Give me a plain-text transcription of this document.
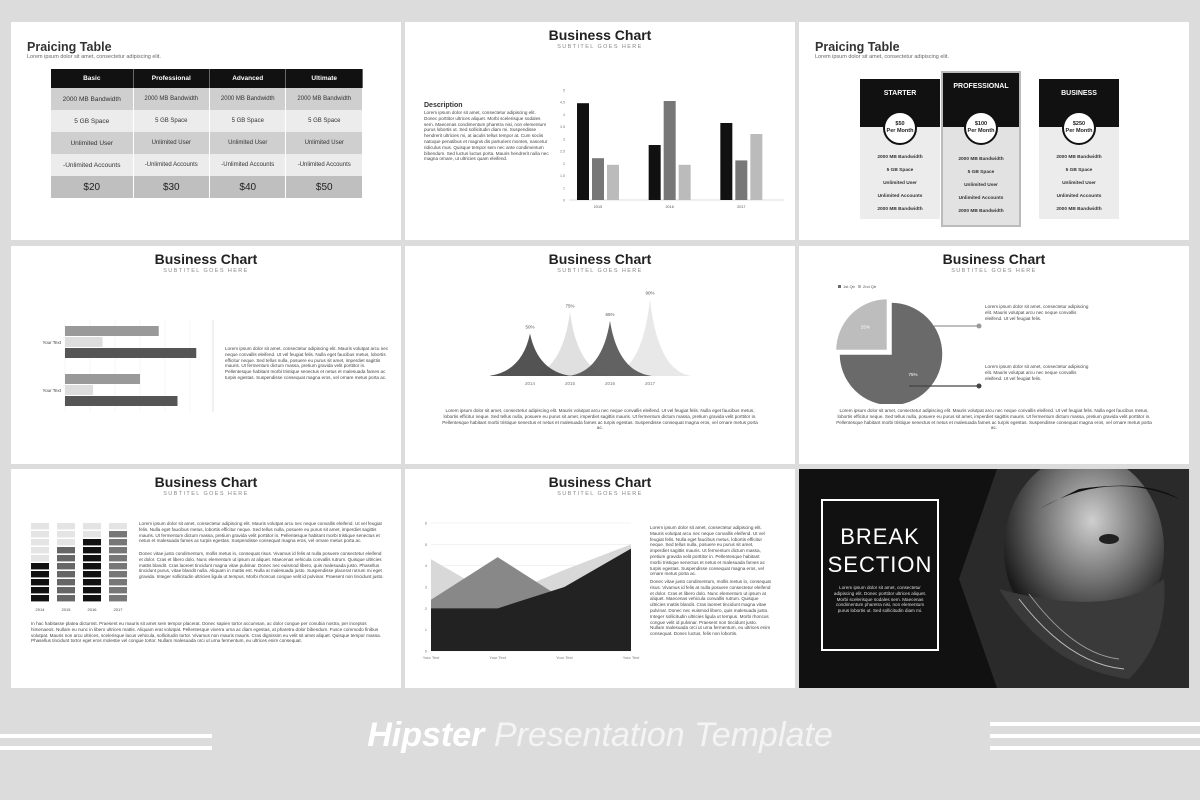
Praicing Table
Lorem ipsum dolor sit amet, consectetur adipiscing elit.
Basic	Professional	Advanced	Ultimate
2000 MB Bandwidth	2000 MB Bandwidth	2000 MB Bandwidth	2000 MB Bandwidth
5 GB Space	5 GB Space	5 GB Space	5 GB Space
Unlimited User	Unlimited User	Unlimited User	Unlimited User
-Unlimited Accounts	-Unlimited Accounts	-Unlimited Accounts	-Unlimited Accounts
$20	$30	$40	$50
Business Chart
SUBTITEL GOES HERE
Description
Lorem ipsum dolor sit amet, consectetur adipiscing elit. Donec porttitor ultrices aliquet. Morbi scelerisque sodales sem. Maecenas condimentum pharetra nisi, non elementum purus lobortis ut. Sed sollicitudin diam mi. Suspendisse hendrerit ultricies mi, at iaculis tellus tempor at. Cum sociis natoque penatibus et magnis dis parturient montes, nascetur ridiculus mus. Quisque tempor sem nec ante condimentum bibendum. Sed luctus luctus porta. Mauris hendrerit nulla nec magna ornare, ut ultricies quam eleifend.
0
1
1.5
2
2.5
3
3.5
4
4.5
5
2015	2016	2017
Praicing Table
Lorem ipsum dolor sit amet, consectetur adipiscing elit.
STARTER
$50
Per Month
2000 MB Bandwidth
5 GB Space
Unlimited User
Unlimited Accounts
2000 MB Bandwidth
PROFESSIONAL
$100
Per Month
2000 MB Bandwidth
5 GB Space
Unlimited User
Unlimited Accounts
2000 MB Bandwidth
BUSINESS
$250
Per Month
2000 MB Bandwidth
5 GB Space
Unlimited User
Unlimited Accounts
2000 MB Bandwidth
Business Chart
SUBTITEL GOES HERE
Your Text
Your Text
Lorem ipsum dolor sit amet, consectetur adipiscing elit. Mauris volutpat arcu nec neque convallis eleifend. Ut vel feugiat felis. Nulla eget faucibus metus, lobortis efficitur neque. Sed tellus nulla, posuere eu purus sit amet, imperdiet sagittis mauris. Ut fermentum dictum massa, pretium gravida velit porttitor in. Pellentesque habitant morbi tristique senectus et netus et malesuada fames ac turpis egestas. Suspendisse consequat magna eros, vel ornare metus porta ac.
Business Chart
SUBTITEL GOES HERE
50%
2014
75%
2015
65%
2016
90%
2017
Lorem ipsum dolor sit amet, consectetur adipiscing elit. Mauris volutpat arcu nec neque convallis eleifend. Ut vel feugiat felis. Nulla eget faucibus metus, lobortis efficitur neque. Sed tellus nulla, posuere eu purus sit amet, imperdiet sagittis mauris. Ut fermentum dictum massa, pretium gravida velit porttitor in. Pellentesque habitant morbi tristique senectus et netus et malesuada fames ac turpis egestas. Suspendisse consequat magna eros, vel ornare metus porta ac.
Business Chart
SUBTITEL GOES HERE
75%
25%
1st Qtr 2nd Qtr
Lorem ipsum dolor sit amet, consectetur adipiscing elit. Mauris volutpat arcu nec neque convallis eleifend. Ut vel feugiat felis.
Lorem ipsum dolor sit amet, consectetur adipiscing elit. Mauris volutpat arcu nec neque convallis eleifend. Ut vel feugiat felis.
Lorem ipsum dolor sit amet, consectetur adipiscing elit. Mauris volutpat arcu nec neque convallis eleifend. Ut vel feugiat felis. Nulla eget faucibus metus, lobortis efficitur neque. Sed tellus nulla, posuere eu purus sit amet, imperdiet sagittis mauris. Ut fermentum dictum massa, pretium gravida velit porttitor in. Pellentesque habitant morbi tristique senectus et netus et malesuada fames ac turpis egestas. Suspendisse consequat magna eros, vel ornare metus porta ac.
Business Chart
SUBTITEL GOES HERE
2014	2015	2016	2017
Lorem ipsum dolor sit amet, consectetur adipiscing elit. Mauris volutpat arcu nec neque convallis eleifend. Ut vel feugiat felis. Nulla eget faucibus metus, lobortis efficitur neque. Sed tellus nulla, posuere eu purus sit amet, imperdiet sagittis mauris. Ut fermentum dictum massa, pretium gravida velit porttitor in. Pellentesque habitant morbi tristique senectus et netus et malesuada fames ac turpis egestas. Suspendisse consequat magna eros, vel ornare metus porta ac.
Donec vitae justo condimentum, mollis metus in, consequat risus. Vivamus id felis at nulla posuere consectetur eleifend et dolor. Cras et libero dolo. Nunc elementum ut ipsum at aliquet. Maecenas vehicula convallis rutrum. Quisque ultricies mattis blandit. Cras laoreet tincidunt magna vitae pulvinar. Donec nec euismod libero, quis malesuada justo. Phasellus tincidunt purus, vitae blandit nulla. Aliquam in mattis est. Nulla at malesuada justo. Suspendisse placerat rutrum mi eget gravida. Integer sollicitudin ultricies ligula ut tempus. Morbi rhoncus congue velit id pulvinar. Praesent non tincidunt justo.
In hac habitasse platea dictumst. Praesent eu mauris sit amet sem tempor placerat. Donec sapien tortor accumsan, ac dolor congue per conubia nostra, per inceptos himenaeos. Nullam eu nunc in libero ultrices mattis. Aliquam erat volutpat. Pellentesque viverra urna ac diam egestas, at pharetra dolor bibendum. Fusce commodo finibus volutpat. Mauris non arcu ultrices, scelerisque lacus vehicula, sollicitudin tortor. Vivamus non mauris mauris. Cras dignissim eu velit sit amet aliquet. Quisque tempor massa. Phasellus tincidunt tortor eget eros molestie vel congue tortor. Nullam malesuada orci ut urna fermentum, eu ultrices enim consequat.
Business Chart
SUBTITEL GOES HERE
0
1
2
3
4
5
6
Your Text	Your Text	Your Text	Your Text
Lorem ipsum dolor sit amet, consectetur adipiscing elit. Mauris volutpat arcu nec neque convallis eleifend. Ut vel feugiat felis. Nulla eget faucibus metus, lobortis efficitur neque. Sed tellus nulla, posuere eu purus sit amet, imperdiet sagittis mauris. Ut fermentum dictum massa, pretium gravida velit porttitor in. Pellentesque habitant morbi tristique senectus et netus et malesuada fames ac turpis egestas. Suspendisse consequat magna eros, vel ornare metus porta ac.
Donec vitae justo condimentum, mollis metus in, consequat risus. Vivamus id felis at nulla posuere consectetur eleifend et dolor. Cras et libero dolo. Nunc elementum ut ipsum at aliquet. Maecenas vehicula convallis rutrum. Quisque ultricies mattis blandit. Cras laoreet tincidunt magna vitae pulvinar. Donec nec euismod libero, quis malesuada justo. Integer sollicitudin ultricies ligula ut tempus. Morbi rhoncus congue velit id pulvinar. Praesent non tincidunt justo. Nullam malesuada orci ut urna fermentum, eu ultrices enim consequat. Donec luctus, felis non lobortis.
BREAK
SECTION
Lorem ipsum dolor sit amet, consectetur adipiscing elit. Donec porttitor ultrices aliquet. Morbi scelerisque sodales sem. Maecenas condimentum pharetra nisi, non elementum purus lobortis ut. Sed sollicitudin diam mi.
Hipster Presentation Template
